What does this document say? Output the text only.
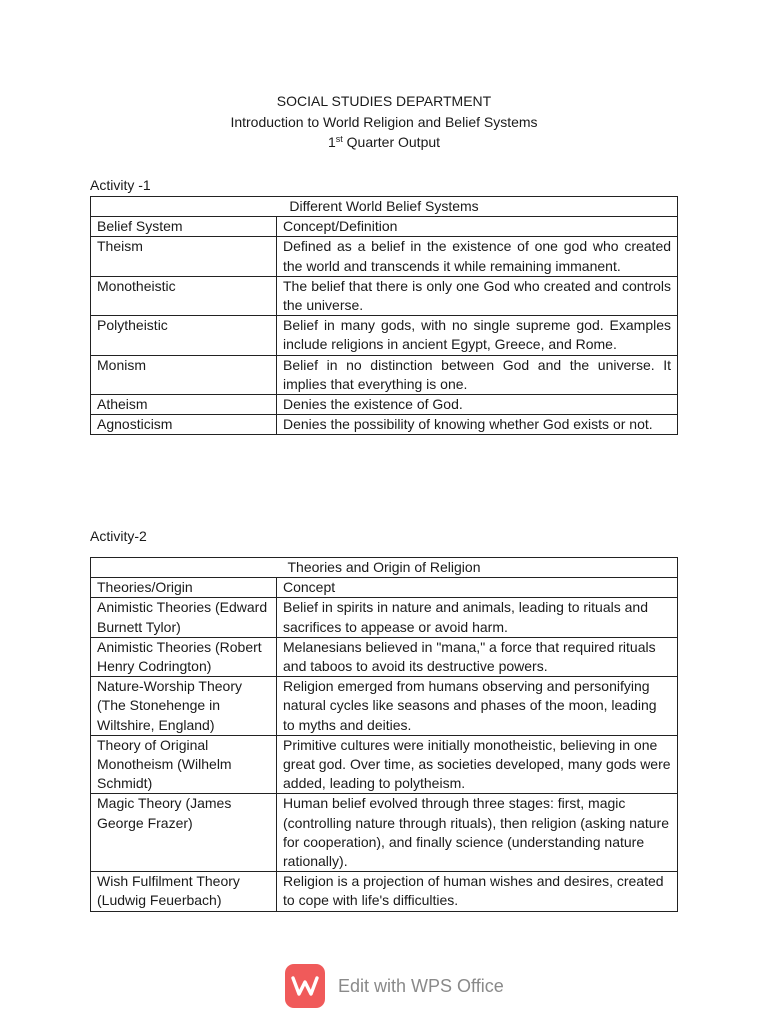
SOCIAL STUDIES DEPARTMENT
Introduction to World Religion and Belief Systems
1st Quarter Output
Activity -1
Different World Belief Systems	
Belief System	Concept/Definition
Theism	Defined as a belief in the existence of one god who created the world and transcends it while remaining immanent.
Monotheistic	The belief that there is only one God who created and controls the universe.
Polytheistic	Belief in many gods, with no single supreme god. Examples include religions in ancient Egypt, Greece, and Rome.
Monism	Belief in no distinction between God and the universe. It implies that everything is one.
Atheism	Denies the existence of God.
Agnosticism	Denies the possibility of knowing whether God exists or not.
Activity-2
Theories and Origin of Religion	
Theories/Origin	Concept
Animistic Theories (Edward Burnett Tylor)	Belief in spirits in nature and animals, leading to rituals and sacrifices to appease or avoid harm.
Animistic Theories (Robert Henry Codrington)	Melanesians believed in "mana," a force that required rituals and taboos to avoid its destructive powers.
Nature-Worship Theory (The Stonehenge in Wiltshire, England)	Religion emerged from humans observing and personifying natural cycles like seasons and phases of the moon, leading to myths and deities.
Theory of Original Monotheism (Wilhelm Schmidt)	Primitive cultures were initially monotheistic, believing in one great god. Over time, as societies developed, many gods were added, leading to polytheism.
Magic Theory (James George Frazer)	Human belief evolved through three stages: first, magic (controlling nature through rituals), then religion (asking nature for cooperation), and finally science (understanding nature rationally).
Wish Fulfilment Theory (Ludwig Feuerbach)	Religion is a projection of human wishes and desires, created to cope with life's difficulties.
Edit with WPS Office
